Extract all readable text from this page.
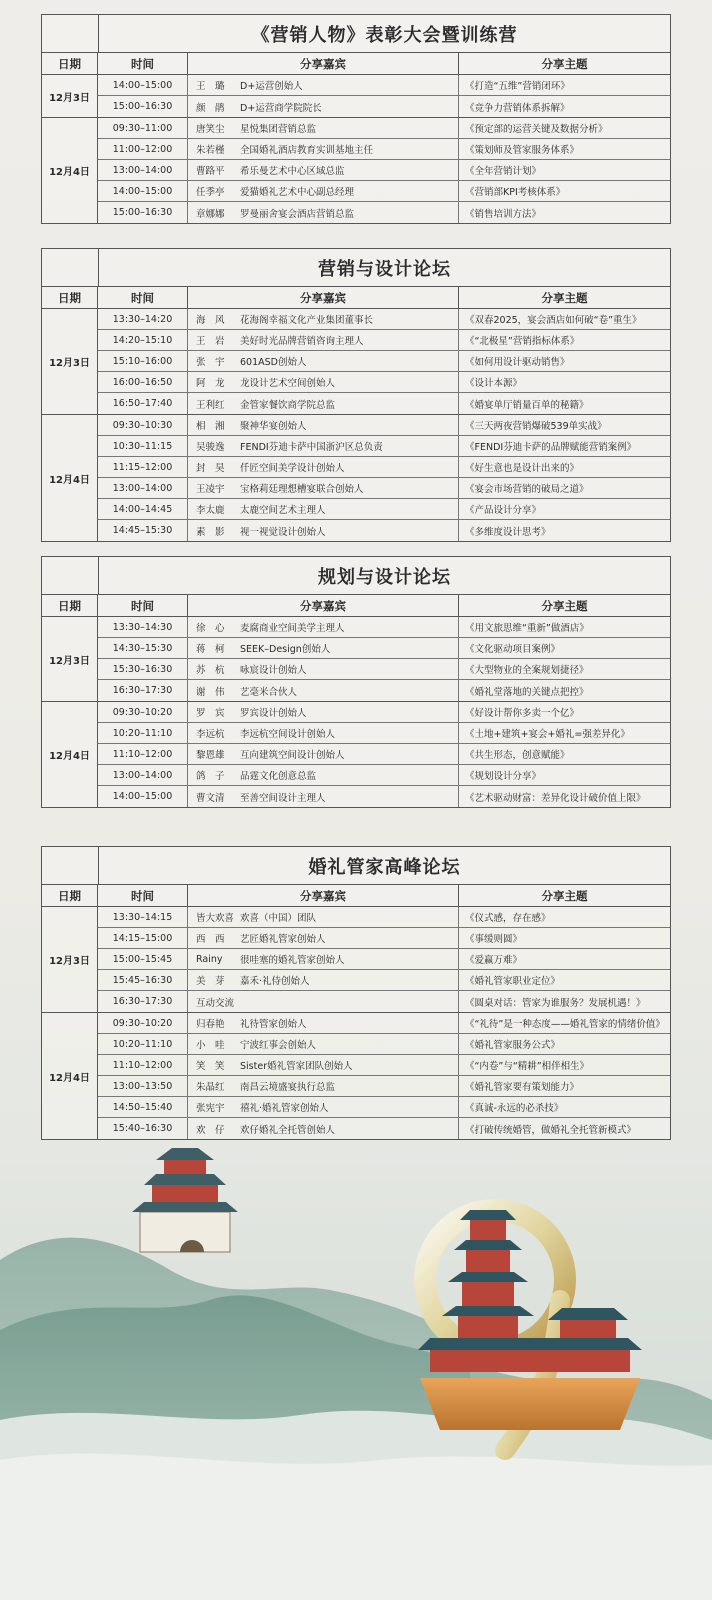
《营销人物》表彰大会暨训练营
日期	时间	分享嘉宾	分享主题
12月3日
14:00–15:00	王　璐	D+运营创始人	《打造“五维”营销闭环》
15:00–16:30	颜　鹃	D+运营商学院院长	《竞争力营销体系拆解》
12月4日
09:30–11:00	唐笑尘	星悦集团营销总监	《预定部的运营关键及数据分析》
11:00–12:00	朱若槿	全国婚礼酒店教育实训基地主任	《策划师及管家服务体系》
13:00–14:00	曹路平	希乐曼艺术中心区域总监	《全年营销计划》
14:00–15:00	任季亭	爱猫婚礼艺术中心副总经理	《营销部KPI考核体系》
15:00–16:30	章娜娜	罗曼丽舍宴会酒店营销总监	《销售培训方法》
营销与设计论坛
日期	时间	分享嘉宾	分享主题
12月3日
13:30–14:20	海　风	花海阁幸福文化产业集团董事长	《双春2025，宴会酒店如何破“卷”重生》
14:20–15:10	王　岩	美好时光品牌营销咨询主理人	《“北极星”营销指标体系》
15:10–16:00	张　宇	601ASD创始人	《如何用设计驱动销售》
16:00–16:50	阿　龙	龙设计艺术空间创始人	《设计本源》
16:50–17:40	王利红	金管家餐饮商学院总监	《婚宴单厅销量百单的秘籍》
12月4日
09:30–10:30	相　湘	聚神华宴创始人	《三天两夜营销爆破539单实战》
10:30–11:15	吴骏逸	FENDI芬迪卡萨中国浙沪区总负责	《FENDI芬迪卡萨的品牌赋能营销案例》
11:15–12:00	封　昊	仟匠空间美学设计创始人	《好生意也是设计出来的》
13:00–14:00	王凌宇	宝格莉廷理想槽宴联合创始人	《宴会市场营销的破局之道》
14:00–14:45	李太鹿	太鹿空间艺术主理人	《产品设计分享》
14:45–15:30	素　影	视一视觉设计创始人	《多维度设计思考》
规划与设计论坛
日期	时间	分享嘉宾	分享主题
12月3日
13:30–14:30	徐　心	麦腐商业空间美学主理人	《用文旅思维“重新”做酒店》
14:30–15:30	蒋　柯	SEEK–Design创始人	《文化驱动项目案例》
15:30–16:30	苏　杭	咏宸设计创始人	《大型物业的全案规划捷径》
16:30–17:30	谢　伟	艺毫米合伙人	《婚礼堂落地的关键点把控》
12月4日
09:30–10:20	罗　宾	罗宾设计创始人	《好设计帮你多卖一个亿》
10:20–11:10	李远杭	李远杭空间设计创始人	《土地+建筑+宴会+婚礼=强差异化》
11:10–12:00	黎恩雄	互向建筑空间设计创始人	《共生形态，创意赋能》
13:00–14:00	鸽　子	品霆文化创意总监	《规划设计分享》
14:00–15:00	曹文清	至善空间设计主理人	《艺术驱动财富：差异化设计破价值上限》
婚礼管家高峰论坛
日期	时间	分享嘉宾	分享主题
12月3日
13:30–14:15	皆大欢喜 欢喜（中国）团队	《仪式感，存在感》
14:15–15:00	西　西	艺匠婚礼管家创始人	《事缓则圆》
15:00–15:45	Rainy	很哇塞的婚礼管家创始人	《爱赢万难》
15:45–16:30	美　芽	嘉禾·礼侍创始人	《婚礼管家职业定位》
16:30–17:30	互动交流	《圆桌对话：管家为谁服务？发展机遇！》
12月4日
09:30–10:20	归春艳	礼待管家创始人	《“礼待”是一种态度——婚礼管家的情绪价值》
10:20–11:10	小　哇	宁波红事会创始人	《婚礼管家服务公式》
11:10–12:00	笑　笑	Sister婚礼管家团队创始人	《“内卷”与“精耕”相伴相生》
13:00–13:50	朱晶红	南昌云境盛宴执行总监	《婚礼管家要有策划能力》
14:50–15:40	张宪宇	禧礼·婚礼管家创始人	《真诚-永远的必杀技》
15:40–16:30	欢　仔	欢仔婚礼全托管创始人	《打破传统婚管，做婚礼全托管新模式》
